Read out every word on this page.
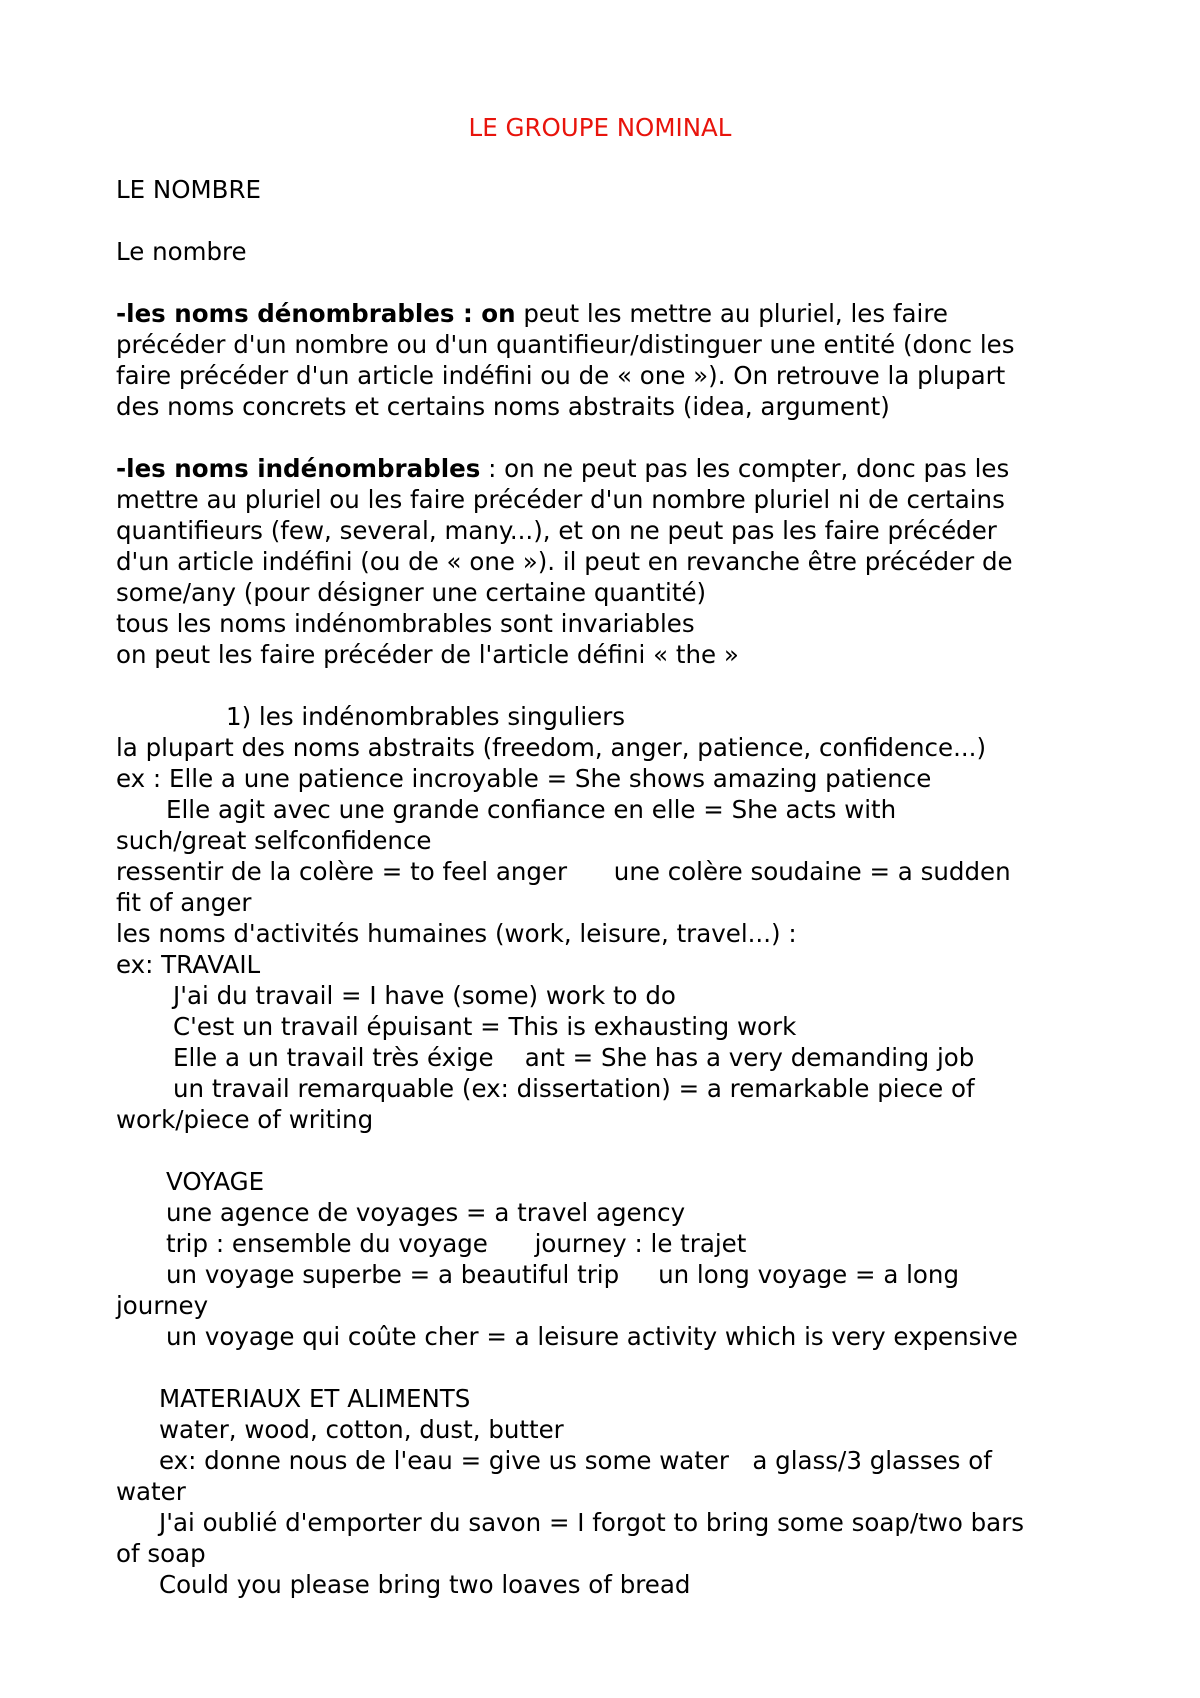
LE GROUPE NOMINAL
LE NOMBRE
Le nombre
-les noms dénombrables : on peut les mettre au pluriel, les faire
précéder d'un nombre ou d'un quantifieur/distinguer une entité (donc les
faire précéder d'un article indéfini ou de « one »). On retrouve la plupart
des noms concrets et certains noms abstraits (idea, argument)
-les noms indénombrables : on ne peut pas les compter, donc pas les
mettre au pluriel ou les faire précéder d'un nombre pluriel ni de certains
quantifieurs (few, several, many...), et on ne peut pas les faire précéder
d'un article indéfini (ou de « one »). il peut en revanche être précéder de
some/any (pour désigner une certaine quantité)
tous les noms indénombrables sont invariables
on peut les faire précéder de l'article défini « the »
1) les indénombrables singuliers
la plupart des noms abstraits (freedom, anger, patience, confidence...)
ex : Elle a une patience incroyable = She shows amazing patience
Elle agit avec une grande confiance en elle = She acts with
such/great selfconfidence
ressentir de la colère = to feel anger      une colère soudaine = a sudden
fit of anger
les noms d'activités humaines (work, leisure, travel...) :
ex: TRAVAIL
J'ai du travail = I have (some) work to do
C'est un travail épuisant = This is exhausting work
Elle a un travail très éxige    ant = She has a very demanding job
un travail remarquable (ex: dissertation) = a remarkable piece of
work/piece of writing
VOYAGE
une agence de voyages = a travel agency
trip : ensemble du voyage      journey : le trajet
un voyage superbe = a beautiful trip     un long voyage = a long
journey
un voyage qui coûte cher = a leisure activity which is very expensive
MATERIAUX ET ALIMENTS
water, wood, cotton, dust, butter
ex: donne nous de l'eau = give us some water   a glass/3 glasses of
water
J'ai oublié d'emporter du savon = I forgot to bring some soap/two bars
of soap
Could you please bring two loaves of bread
